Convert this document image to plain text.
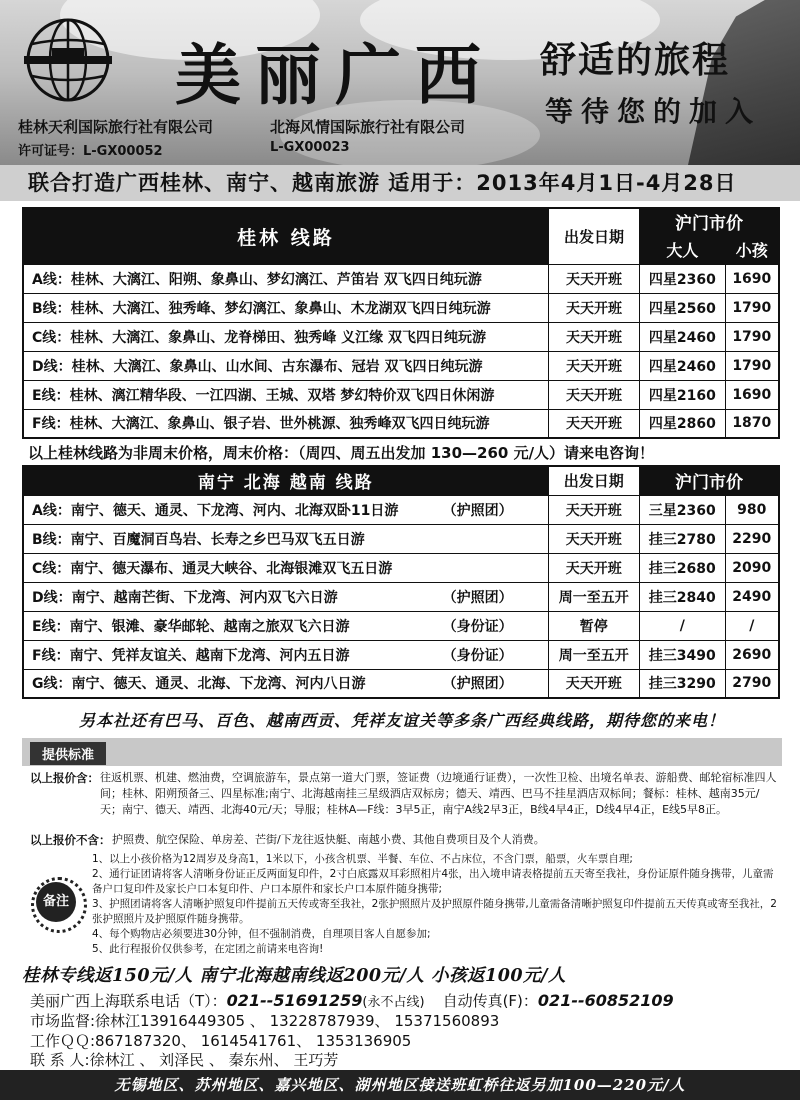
美丽广西 舒适的旅程
等待您的加入
桂林天利国际旅行社有限公司
许可证号：L-GX00052
北海风情国际旅行社有限公司
L-GX00023
联合打造广西桂林、南宁、越南旅游 适用于：2013年4月1日-4月28日
桂林 线路	出发日期	沪门市价	
		大人	小孩
A线：桂林、大漓江、阳朔、象鼻山、梦幻漓江、芦笛岩 双飞四日纯玩游	天天开班	四星2360	1690
B线：桂林、大漓江、独秀峰、梦幻漓江、象鼻山、木龙湖双飞四日纯玩游	天天开班	四星2560	1790
C线：桂林、大漓江、象鼻山、龙脊梯田、独秀峰 义江缘 双飞四日纯玩游	天天开班	四星2460	1790
D线：桂林、大漓江、象鼻山、山水间、古东瀑布、冠岩 双飞四日纯玩游	天天开班	四星2460	1790
E线：桂林、漓江精华段、一江四湖、王城、双塔 梦幻特价双飞四日休闲游	天天开班	四星2160	1690
F线：桂林、大漓江、象鼻山、银子岩、世外桃源、独秀峰双飞四日纯玩游	天天开班	四星2860	1870
以上桂林线路为非周末价格，周末价格：（周四、周五出发加 130—260 元/人）请来电咨询！
南宁 北海 越南 线路		出发日期	沪门市价	
A线：南宁、德天、通灵、下龙湾、河内、北海双卧11日游	（护照团）	天天开班	三星2360	980
B线：南宁、百魔洞百鸟岩、长寿之乡巴马双飞五日游		天天开班	挂三2780	2290
C线：南宁、德天瀑布、通灵大峡谷、北海银滩双飞五日游		天天开班	挂三2680	2090
D线：南宁、越南芒街、下龙湾、河内双飞六日游	（护照团）	周一至五开	挂三2840	2490
E线：南宁、银滩、豪华邮轮、越南之旅双飞六日游	（身份证）	暂停	/	/
F线：南宁、凭祥友谊关、越南下龙湾、河内五日游	（身份证）	周一至五开	挂三3490	2690
G线：南宁、德天、通灵、北海、下龙湾、河内八日游	（护照团）	天天开班	挂三3290	2790
另本社还有巴马、百色、越南西贡、凭祥友谊关等多条广西经典线路，期待您的来电！
提供标准
以上报价含： 往返机票、机建、燃油费，空调旅游车，景点第一道大门票，签证费（边境通行证费），一次性卫检、出境名单表、游船费、邮轮宿标准四人间；桂林、阳朔预备三、四星标准;南宁、北海越南挂三星级酒店双标房；德天、靖西、巴马不挂星酒店双标间；餐标：桂林、越南35元/天；南宁、德天、靖西、北海40元/天；导服；桂林A—F线：3早5正，南宁A线2早3正，B线4早4正，D线4早4正，E线5早8正。
以上报价不含： 护照费、航空保险、单房差、芒街/下龙往返快艇、南越小费、其他自费项目及个人消费。
备注
1、以上小孩价格为12周岁及身高1，1米以下，小孩含机票、半餐、车位、不占床位，不含门票，船票，火车票自理;
2、通行证团请将客人清晰身份证正反两面复印件，2寸白底露双耳彩照相片4张，出入境申请表格提前五天寄至我社，身份证原件随身携带，儿童需备户口复印件及家长户口本复印件、户口本原件和家长户口本原件随身携带;
3、护照团请将客人清晰护照复印件提前五天传或寄至我社，2张护照照片及护照原件随身携带,儿童需备清晰护照复印件提前五天传真或寄至我社，2张护照照片及护照原件随身携带。
4、每个购物店必须要进30分钟，但不强制消费，自理项目客人自愿参加;
5、此行程报价仅供参考，在定团之前请来电咨询!
桂林专线返150元/人 南宁北海越南线返200元/人 小孩返100元/人
美丽广西上海联系电话（T）：021--51691259(永不占线) 自动传真(F)：021--60852109
市场监督:徐林江13916449305 、 13228787939、 15371560893
工作ＱＱ:867187320、 1614541761、 1353136905
联 系 人:徐林江 、 刘泽民 、 秦东州、 王巧芳
无锡地区、苏州地区、嘉兴地区、湖州地区接送班虹桥往返另加100—220元/人
